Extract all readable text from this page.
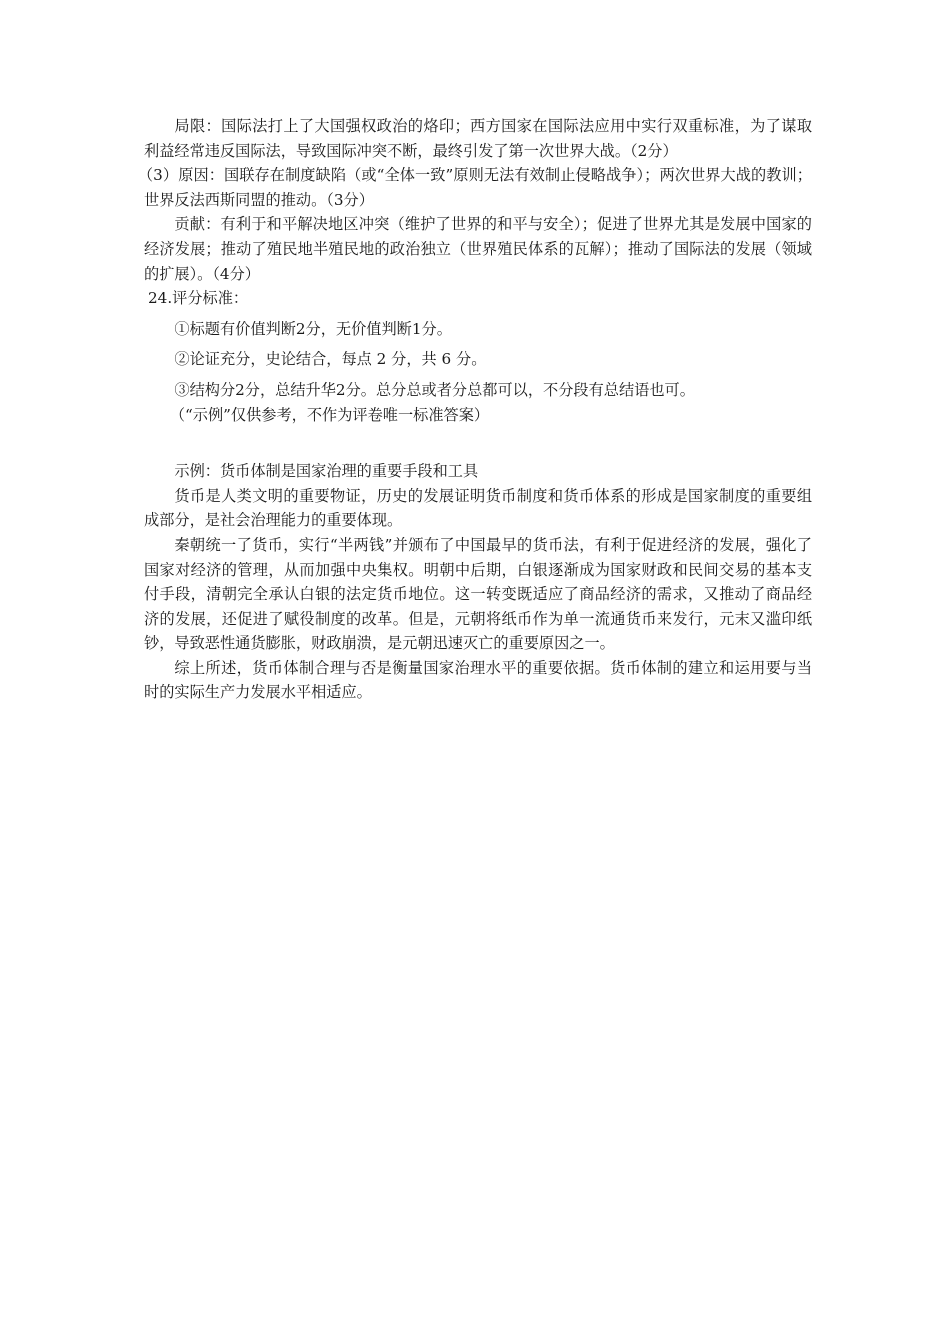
局限：国际法打上了大国强权政治的烙印；西方国家在国际法应用中实行双重标准，为了谋取利益经常违反国际法，导致国际冲突不断，最终引发了第一次世界大战。（2分）

（3）原因：国联存在制度缺陷（或“全体一致”原则无法有效制止侵略战争）；两次世界大战的教训；世界反法西斯同盟的推动。（3分）

贡献：有利于和平解决地区冲突（维护了世界的和平与安全）；促进了世界尤其是发展中国家的经济发展；推动了殖民地半殖民地的政治独立（世界殖民体系的瓦解）；推动了国际法的发展（领域的扩展）。（4分）

24.评分标准：

①标题有价值判断2分，无价值判断1分。

②论证充分，史论结合，每点 2 分，共 6 分。

③结构分2分，总结升华2分。总分总或者分总都可以，不分段有总结语也可。

（“示例”仅供参考，不作为评卷唯一标准答案）

示例：货币体制是国家治理的重要手段和工具

货币是人类文明的重要物证，历史的发展证明货币制度和货币体系的形成是国家制度的重要组成部分，是社会治理能力的重要体现。

秦朝统一了货币，实行“半两钱”并颁布了中国最早的货币法，有利于促进经济的发展，强化了国家对经济的管理，从而加强中央集权。明朝中后期，白银逐渐成为国家财政和民间交易的基本支付手段，清朝完全承认白银的法定货币地位。这一转变既适应了商品经济的需求，又推动了商品经济的发展，还促进了赋役制度的改革。但是，元朝将纸币作为单一流通货币来发行，元末又滥印纸钞，导致恶性通货膨胀，财政崩溃，是元朝迅速灭亡的重要原因之一。

综上所述，货币体制合理与否是衡量国家治理水平的重要依据。货币体制的建立和运用要与当时的实际生产力发展水平相适应。
